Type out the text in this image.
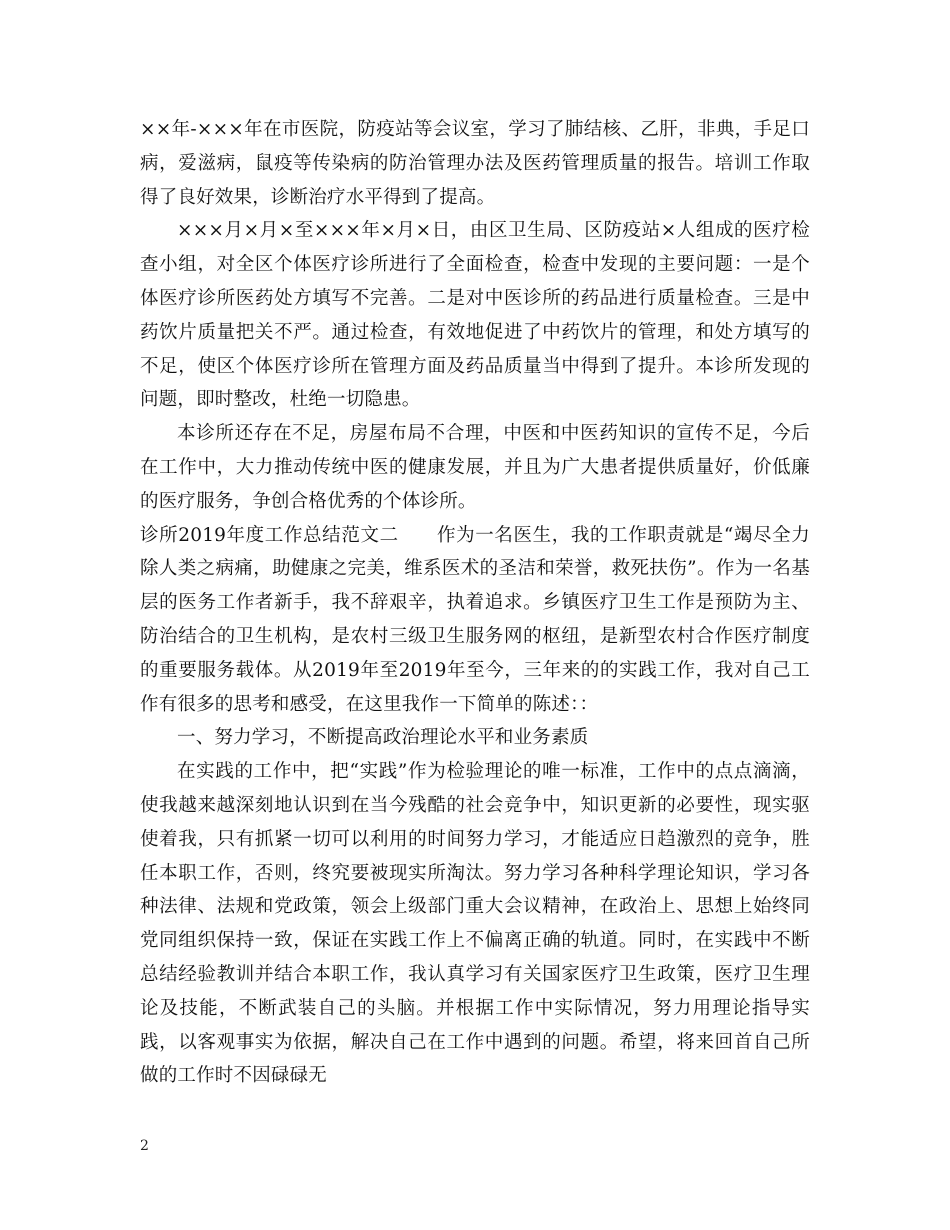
××年-×××年在市医院，防疫站等会议室，学习了肺结核、乙肝，非典，手足口病，爱滋病，鼠疫等传染病的防治管理办法及医药管理质量的报告。培训工作取得了良好效果，诊断治疗水平得到了提高。

×××月×月×至×××年×月×日，由区卫生局、区防疫站×人组成的医疗检查小组，对全区个体医疗诊所进行了全面检查，检查中发现的主要问题：一是个体医疗诊所医药处方填写不完善。二是对中医诊所的药品进行质量检查。三是中药饮片质量把关不严。通过检查，有效地促进了中药饮片的管理，和处方填写的不足，使区个体医疗诊所在管理方面及药品质量当中得到了提升。本诊所发现的问题，即时整改，杜绝一切隐患。

本诊所还存在不足，房屋布局不合理，中医和中医药知识的宣传不足，今后在工作中，大力推动传统中医的健康发展，并且为广大患者提供质量好，价低廉的医疗服务，争创合格优秀的个体诊所。

诊所2019年度工作总结范文二　　作为一名医生，我的工作职责就是“竭尽全力除人类之病痛，助健康之完美，维系医术的圣洁和荣誉，救死扶伤”。作为一名基层的医务工作者新手，我不辞艰辛，执着追求。乡镇医疗卫生工作是预防为主、防治结合的卫生机构，是农村三级卫生服务网的枢纽，是新型农村合作医疗制度的重要服务载体。从2019年至2019年至今，三年来的的实践工作，我对自己工作有很多的思考和感受，在这里我作一下简单的陈述：：

一、努力学习，不断提高政治理论水平和业务素质

在实践的工作中，把“实践”作为检验理论的唯一标准，工作中的点点滴滴，使我越来越深刻地认识到在当今残酷的社会竞争中，知识更新的必要性，现实驱使着我，只有抓紧一切可以利用的时间努力学习，才能适应日趋激烈的竞争，胜任本职工作，否则，终究要被现实所淘汰。努力学习各种科学理论知识，学习各种法律、法规和党政策，领会上级部门重大会议精神，在政治上、思想上始终同党同组织保持一致，保证在实践工作上不偏离正确的轨道。同时，在实践中不断总结经验教训并结合本职工作，我认真学习有关国家医疗卫生政策，医疗卫生理论及技能，不断武装自己的头脑。并根据工作中实际情况，努力用理论指导实践，以客观事实为依据，解决自己在工作中遇到的问题。希望，将来回首自己所做的工作时不因碌碌无

2
